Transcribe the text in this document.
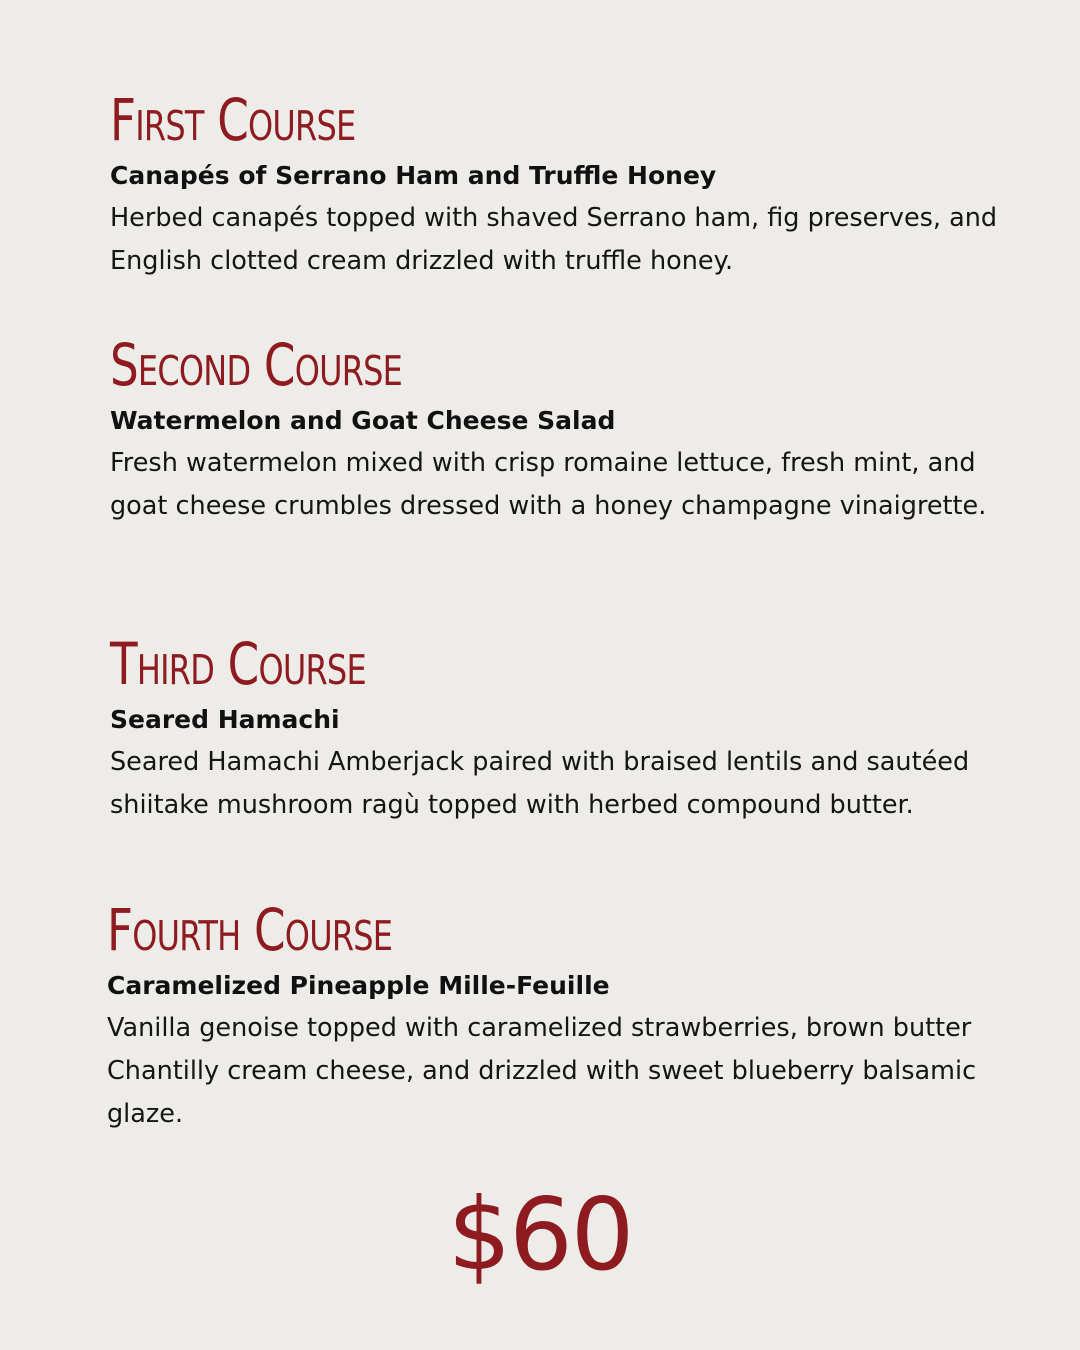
First Course
Canapés of Serrano Ham and Truffle Honey
Herbed canapés topped with shaved Serrano ham, fig preserves, and English clotted cream drizzled with truffle honey.
Second Course
Watermelon and Goat Cheese Salad
Fresh watermelon mixed with crisp romaine lettuce, fresh mint, and goat cheese crumbles dressed with a honey champagne vinaigrette.
Third Course
Seared Hamachi
Seared Hamachi Amberjack paired with braised lentils and sautéed shiitake mushroom ragù topped with herbed compound butter.
Fourth Course
Caramelized Pineapple Mille-Feuille
Vanilla genoise topped with caramelized strawberries, brown butter Chantilly cream cheese, and drizzled with sweet blueberry balsamic glaze.
$60
